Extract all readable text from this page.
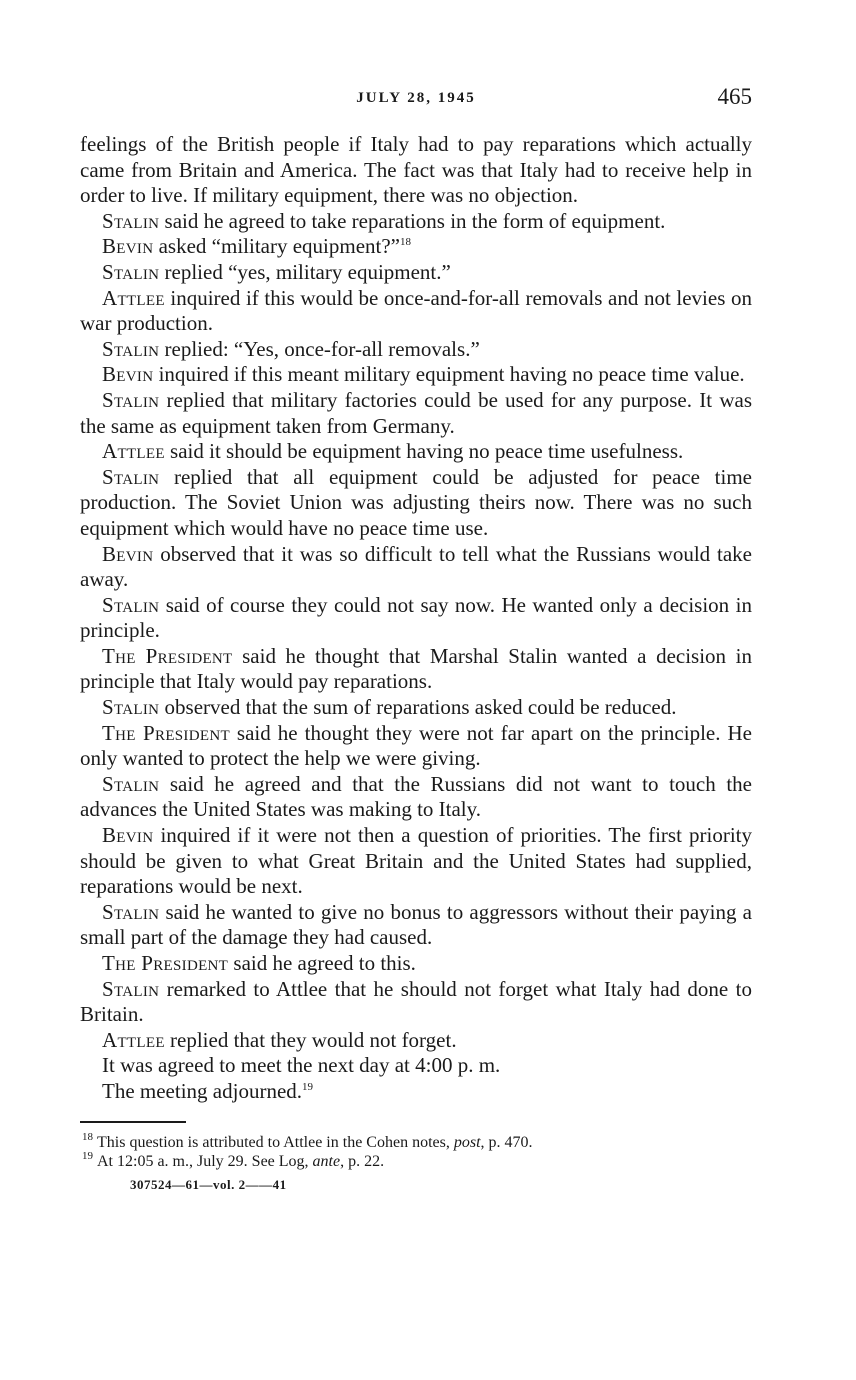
JULY 28, 1945	465

feelings of the British people if Italy had to pay reparations which actually came from Britain and America. The fact was that Italy had to receive help in order to live. If military equipment, there was no objection.

Stalin said he agreed to take reparations in the form of equipment.

Bevin asked “military equipment?”$^{18}$

Stalin replied “yes, military equipment.”

Attlee inquired if this would be once-and-for-all removals and not levies on war production.

Stalin replied: “Yes, once-for-all removals.”

Bevin inquired if this meant military equipment having no peace time value.

Stalin replied that military factories could be used for any purpose. It was the same as equipment taken from Germany.

Attlee said it should be equipment having no peace time usefulness.

Stalin replied that all equipment could be adjusted for peace time production. The Soviet Union was adjusting theirs now. There was no such equipment which would have no peace time use.

Bevin observed that it was so difficult to tell what the Russians would take away.

Stalin said of course they could not say now. He wanted only a decision in principle.

The President said he thought that Marshal Stalin wanted a decision in principle that Italy would pay reparations.

Stalin observed that the sum of reparations asked could be reduced.

The President said he thought they were not far apart on the principle. He only wanted to protect the help we were giving.

Stalin said he agreed and that the Russians did not want to touch the advances the United States was making to Italy.

Bevin inquired if it were not then a question of priorities. The first priority should be given to what Great Britain and the United States had supplied, reparations would be next.

Stalin said he wanted to give no bonus to aggressors without their paying a small part of the damage they had caused.

The President said he agreed to this.

Stalin remarked to Attlee that he should not forget what Italy had done to Britain.

Attlee replied that they would not forget.

It was agreed to meet the next day at 4:00 p. m.

The meeting adjourned.$^{19}$

$^{18}$ This question is attributed to Attlee in the Cohen notes, post, p. 470.

$^{19}$ At 12:05 a. m., July 29. See Log, ante, p. 22.

307524—61—vol. 2——41
